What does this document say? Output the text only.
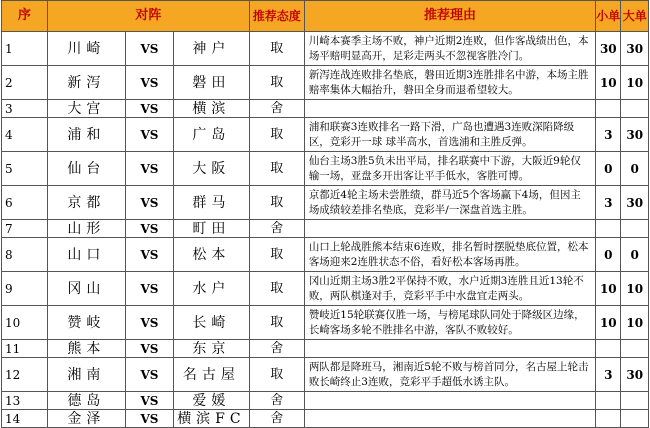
序	对阵			推荐态度	推荐理由	小单	大单
1	川崎	VS	神户	取	川崎本赛季主场不败，神户近期2连败，但作客战绩出色，本场平赔明显高开，足彩走两头不忽视客胜冷门。	30	30
2	新泻	VS	磐田	取	新泻连战连败排名垫底，磐田近期3连胜排名中游，本场主胜赔率集体大幅抬升，磐田全身而退希望较大。	10	10
3	大宫	VS	横滨	舍			
4	浦和	VS	广岛	取	浦和联赛3连败排名一路下滑，广岛也遭遇3连败深陷降级区，竞彩开一球 球半高水，首选浦和主胜反弹。	3	30
5	仙台	VS	大阪	取	仙台主场3胜5负未出平局，排名联赛中下游，大阪近9轮仅输一场，亚盘多开出客让平手低水，客胜可博。	0	0
6	京都	VS	群马	取	京都近4轮主场未尝胜绩，群马近5个客场赢下4场，但因主场成绩较差排名垫底，竞彩半/一深盘首选主胜。	3	30
7	山形	VS	町田	舍			
8	山口	VS	松本	取	山口上轮战胜熊本结束6连败，排名暂时摆脱垫底位置，松本客场迎来2连胜状态不俗，看好松本客场再胜。	0	0
9	冈山	VS	水户	取	冈山近期主场3胜2平保持不败，水户近期3连胜且近13轮不败，两队棋逢对手，竞彩平手中水盘宜走两头。	10	10
10	赞岐	VS	长崎	取	赞岐近15轮联赛仅胜一场，与榜尾球队同处于降级区边缘，长崎客场多轮不胜排名中游，客队不败较好。	10	10
11	熊本	VS	东京	舍			
12	湘南	VS	名古屋	取	两队都是降班马，湘南近5轮不败与榜首同分，名古屋上轮击败长崎终止3连败，竞彩平手超低水诱主队。	3	30
13	德岛	VS	爱媛	舍			
14	金泽	VS	横滨FC	舍			
